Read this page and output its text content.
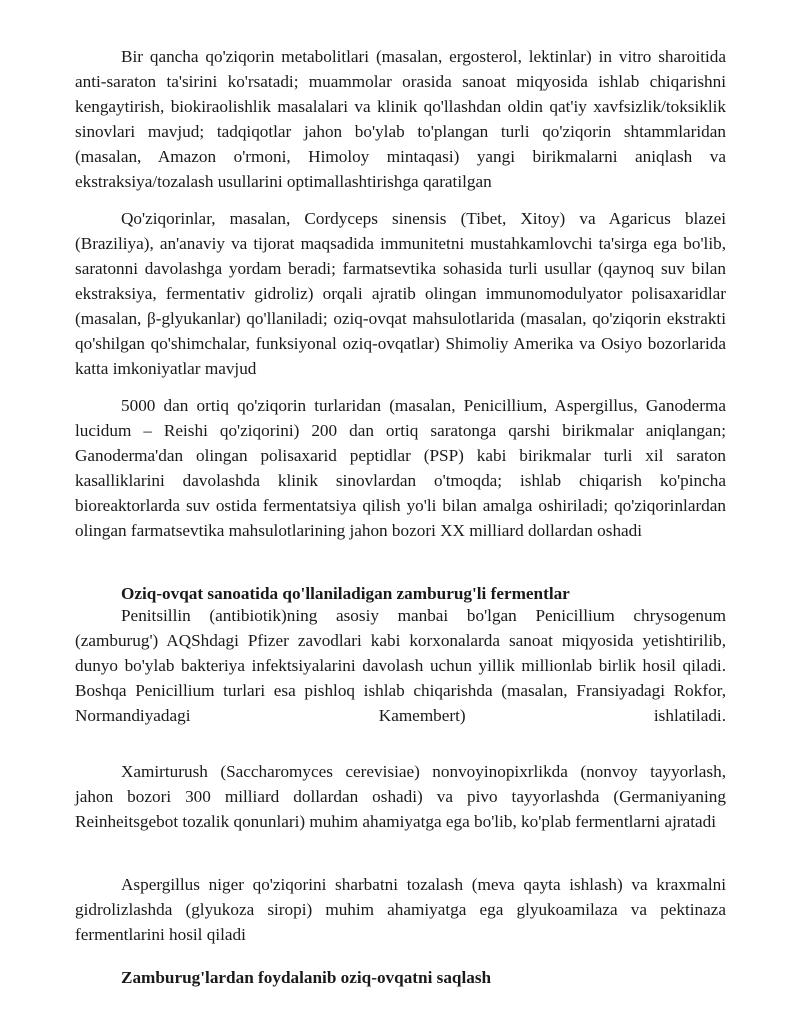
Bir qancha qo'ziqorin metabolitlari (masalan, ergosterol, lektinlar) in vitro sharoitida anti-saraton ta'sirini ko'rsatadi; muammolar orasida sanoat miqyosida ishlab chiqarishni kengaytirish, biokiraolishlik masalalari va klinik qo'llashdan oldin qat'iy xavfsizlik/toksiklik sinovlari mavjud; tadqiqotlar jahon bo'ylab to'plangan turli qo'ziqorin shtammlaridan (masalan, Amazon o'rmoni, Himoloy mintaqasi) yangi birikmalarni aniqlash va ekstraksiya/tozalash usullarini optimallashtirishga qaratilgan

Qo'ziqorinlar, masalan, Cordyceps sinensis (Tibet, Xitoy) va Agaricus blazei (Braziliya), an'anaviy va tijorat maqsadida immunitetni mustahkamlovchi ta'sirga ega bo'lib, saratonni davolashga yordam beradi; farmatsevtika sohasida turli usullar (qaynoq suv bilan ekstraksiya, fermentativ gidroliz) orqali ajratib olingan immunomodulyator polisaxaridlar (masalan, β-glyukanlar) qo'llaniladi; oziq-ovqat mahsulotlarida (masalan, qo'ziqorin ekstrakti qo'shilgan qo'shimchalar, funksiyonal oziq-ovqatlar) Shimoliy Amerika va Osiyo bozorlarida katta imkoniyatlar mavjud

5000 dan ortiq qo'ziqorin turlaridan (masalan, Penicillium, Aspergillus, Ganoderma lucidum – Reishi qo'ziqorini) 200 dan ortiq saratonga qarshi birikmalar aniqlangan; Ganoderma'dan olingan polisaxarid peptidlar (PSP) kabi birikmalar turli xil saraton kasalliklarini davolashda klinik sinovlardan o'tmoqda; ishlab chiqarish ko'pincha bioreaktorlarda suv ostida fermentatsiya qilish yo'li bilan amalga oshiriladi; qo'ziqorinlardan olingan farmatsevtika mahsulotlarining jahon bozori XX milliard dollardan oshadi

Oziq-ovqat sanoatida qo'llaniladigan zamburug'li fermentlar

Penitsillin (antibiotik)ning asosiy manbai bo'lgan Penicillium chrysogenum (zamburug') AQShdagi Pfizer zavodlari kabi korxonalarda sanoat miqyosida yetishtirilib, dunyo bo'ylab bakteriya infektsiyalarini davolash uchun yillik millionlab birlik hosil qiladi. Boshqa Penicillium turlari esa pishloq ishlab chiqarishda (masalan, Fransiyadagi Rokfor, Normandiyadagi Kamembert) ishlatiladi.

Xamirturush (Saccharomyces cerevisiae) nonvoyinopixrlikda (nonvoy tayyorlash, jahon bozori 300 milliard dollardan oshadi) va pivo tayyorlashda (Germaniyaning Reinheitsgebot tozalik qonunlari) muhim ahamiyatga ega bo'lib, ko'plab fermentlarni ajratadi

Aspergillus niger qo'ziqorini sharbatni tozalash (meva qayta ishlash) va kraxmalni gidrolizlashda (glyukoza siropi) muhim ahamiyatga ega glyukoamilaza va pektinaza fermentlarini hosil qiladi

Zamburug'lardan foydalanib oziq-ovqatni saqlash
